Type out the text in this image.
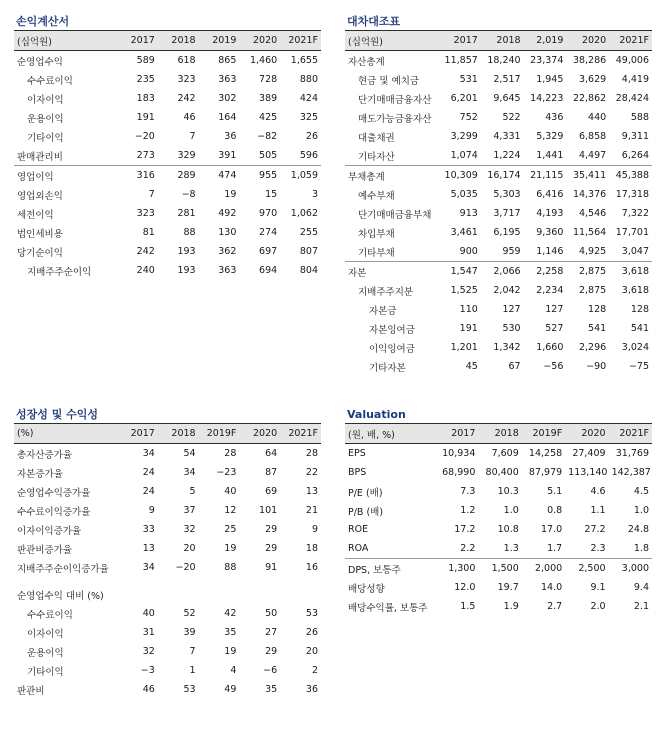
손익계산서
(십억원)	2017	2018	2019	2020	2021F
순영업수익	589	618	865	1,460	1,655
수수료이익	235	323	363	728	880
이자이익	183	242	302	389	424
운용이익	191	46	164	425	325
기타이익	−20	7	36	−82	26
판매관리비	273	329	391	505	596
영업이익	316	289	474	955	1,059
영업외손익	7	−8	19	15	3
세전이익	323	281	492	970	1,062
법인세비용	81	88	130	274	255
당기순이익	242	193	362	697	807
지배주주순이익	240	193	363	694	804
대차대조표
(십억원)	2017	2018	2,019	2020	2021F
자산총계	11,857	18,240	23,374	38,286	49,006
현금 및 예치금	531	2,517	1,945	3,629	4,419
단기매매금융자산	6,201	9,645	14,223	22,862	28,424
매도가능금융자산	752	522	436	440	588
대출채권	3,299	4,331	5,329	6,858	9,311
기타자산	1,074	1,224	1,441	4,497	6,264
부채총계	10,309	16,174	21,115	35,411	45,388
예수부채	5,035	5,303	6,416	14,376	17,318
단기매매금융부채	913	3,717	4,193	4,546	7,322
차입부채	3,461	6,195	9,360	11,564	17,701
기타부채	900	959	1,146	4,925	3,047
자본	1,547	2,066	2,258	2,875	3,618
지배주주지분	1,525	2,042	2,234	2,875	3,618
자본금	110	127	127	128	128
자본잉여금	191	530	527	541	541
이익잉여금	1,201	1,342	1,660	2,296	3,024
기타자본	45	67	−56	−90	−75
성장성 및 수익성
(%)	2017	2018	2019F	2020	2021F
총자산증가율	34	54	28	64	28
자본증가율	24	34	−23	87	22
순영업수익증가율	24	5	40	69	13
수수료이익증가율	9	37	12	101	21
이자이익증가율	33	32	25	29	9
판관비증가율	13	20	19	29	18
지배주주순이익증가율	34	−20	88	91	16

순영업수익 대비 (%)					
수수료이익	40	52	42	50	53
이자이익	31	39	35	27	26
운용이익	32	7	19	29	20
기타이익	−3	1	4	−6	2
판관비	46	53	49	35	36
Valuation
(원, 배, %)	2017	2018	2019F	2020	2021F
EPS	10,934	7,609	14,258	27,409	31,769
BPS	68,990	80,400	87,979	113,140	142,387
P/E (배)	7.3	10.3	5.1	4.6	4.5
P/B (배)	1.2	1.0	0.8	1.1	1.0
ROE	17.2	10.8	17.0	27.2	24.8
ROA	2.2	1.3	1.7	2.3	1.8
DPS, 보통주	1,300	1,500	2,000	2,500	3,000
배당성향	12.0	19.7	14.0	9.1	9.4
배당수익률, 보통주	1.5	1.9	2.7	2.0	2.1
